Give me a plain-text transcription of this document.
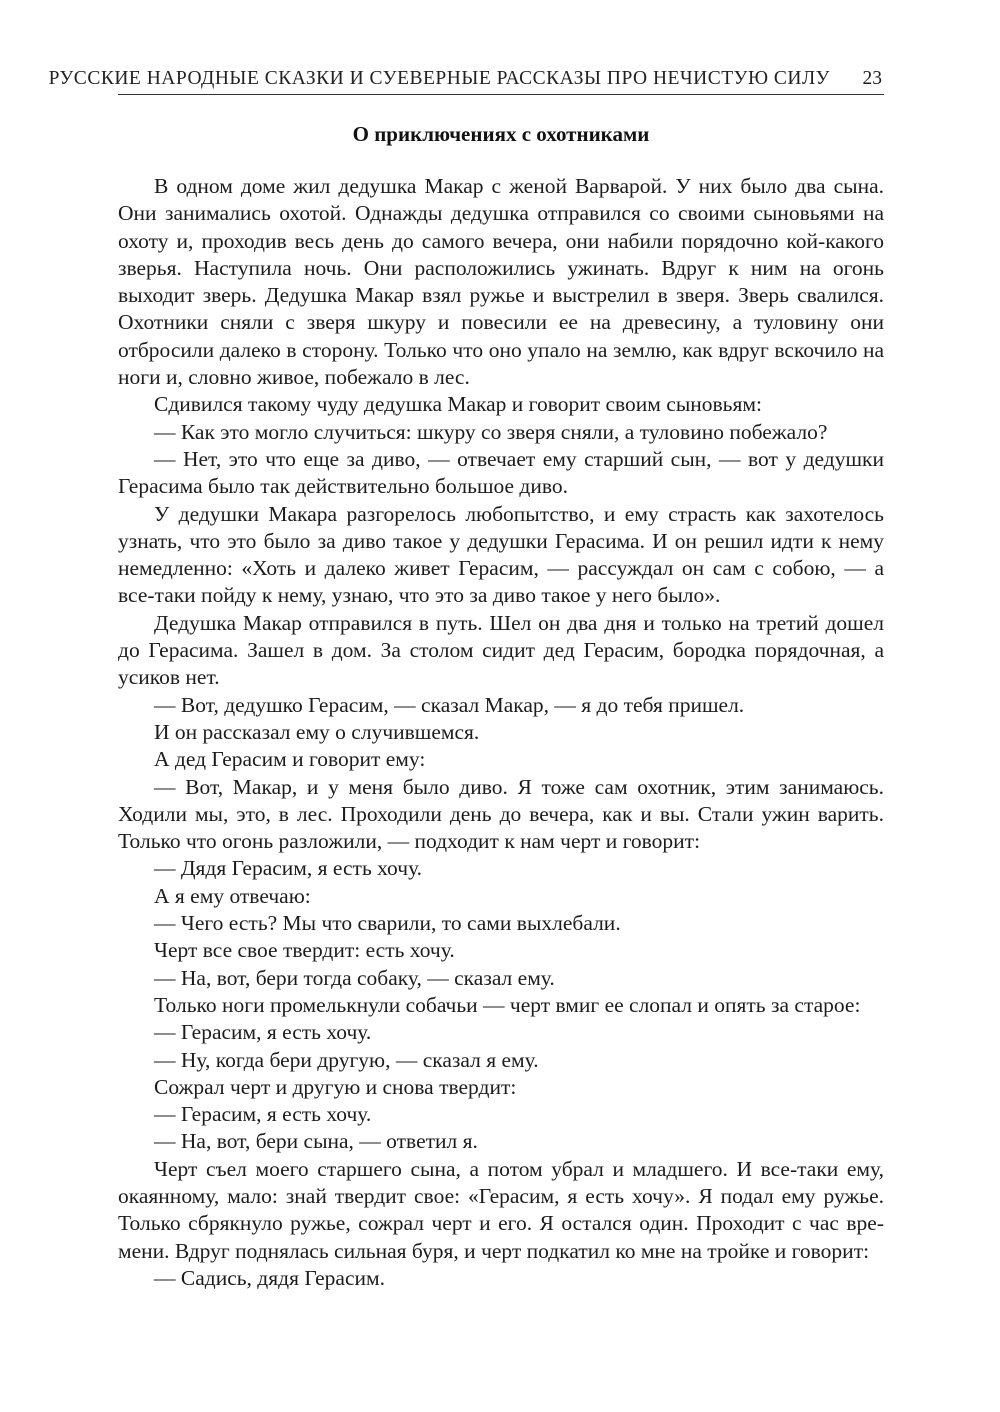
РУССКИЕ НАРОДНЫЕ СКАЗКИ И СУЕВЕРНЫЕ РАССКАЗЫ ПРО НЕЧИСТУЮ СИЛУ 23
О приключениях с охотниками

В одном доме жил дедушка Макар с женой Варварой. У них было два сына. Они занимались охотой. Однажды дедушка отправился со своими сыновьями на охоту и, проходив весь день до самого вечера, они набили порядочно кой-какого зверья. Наступила ночь. Они расположились ужинать. Вдруг к ним на огонь выходит зверь. Дедушка Макар взял ружье и выстрелил в зверя. Зверь свалился. Охотники сняли с зверя шкуру и повесили ее на древесину, а туловину они отбросили далеко в сторону. Только что оно упало на землю, как вдруг вскочило на ноги и, словно живое, побежало в лес.

Сдивился такому чуду дедушка Макар и говорит своим сыновьям:

— Как это могло случиться: шкуру со зверя сняли, а туловино побежало?

— Нет, это что еще за диво, — отвечает ему старший сын, — вот у дедушки Герасима было так действительно большое диво.

У дедушки Макара разгорелось любопытство, и ему страсть как захотелось узнать, что это было за диво такое у дедушки Герасима. И он решил идти к нему немедленно: «Хоть и далеко живет Герасим, — рассуждал он сам с собою, — а все-таки пойду к нему, узнаю, что это за диво такое у него было».

Дедушка Макар отправился в путь. Шел он два дня и только на третий дошел до Герасима. Зашел в дом. За столом сидит дед Герасим, бородка порядочная, а усиков нет.

— Вот, дедушко Герасим, — сказал Макар, — я до тебя пришел.

И он рассказал ему о случившемся.

А дед Герасим и говорит ему:

— Вот, Макар, и у меня было диво. Я тоже сам охотник, этим занимаюсь. Ходили мы, это, в лес. Проходили день до вечера, как и вы. Стали ужин варить. Только что огонь разложили, — подходит к нам черт и говорит:

— Дядя Герасим, я есть хочу.

А я ему отвечаю:

— Чего есть? Мы что сварили, то сами выхлебали.

Черт все свое твердит: есть хочу.

— На, вот, бери тогда собаку, — сказал ему.

Только ноги промелькнули собачьи — черт вмиг ее слопал и опять за старое:

— Герасим, я есть хочу.

— Ну, когда бери другую, — сказал я ему.

Сожрал черт и другую и снова твердит:

— Герасим, я есть хочу.

— На, вот, бери сына, — ответил я.

Черт съел моего старшего сына, а потом убрал и младшего. И все-таки ему, окаянному, мало: знай твердит свое: «Герасим, я есть хочу». Я подал ему ружье. Только сбрякнуло ружье, сожрал черт и его. Я остался один. Проходит с час времени. Вдруг поднялась сильная буря, и черт подкатил ко мне на тройке и говорит:

— Садись, дядя Герасим.
